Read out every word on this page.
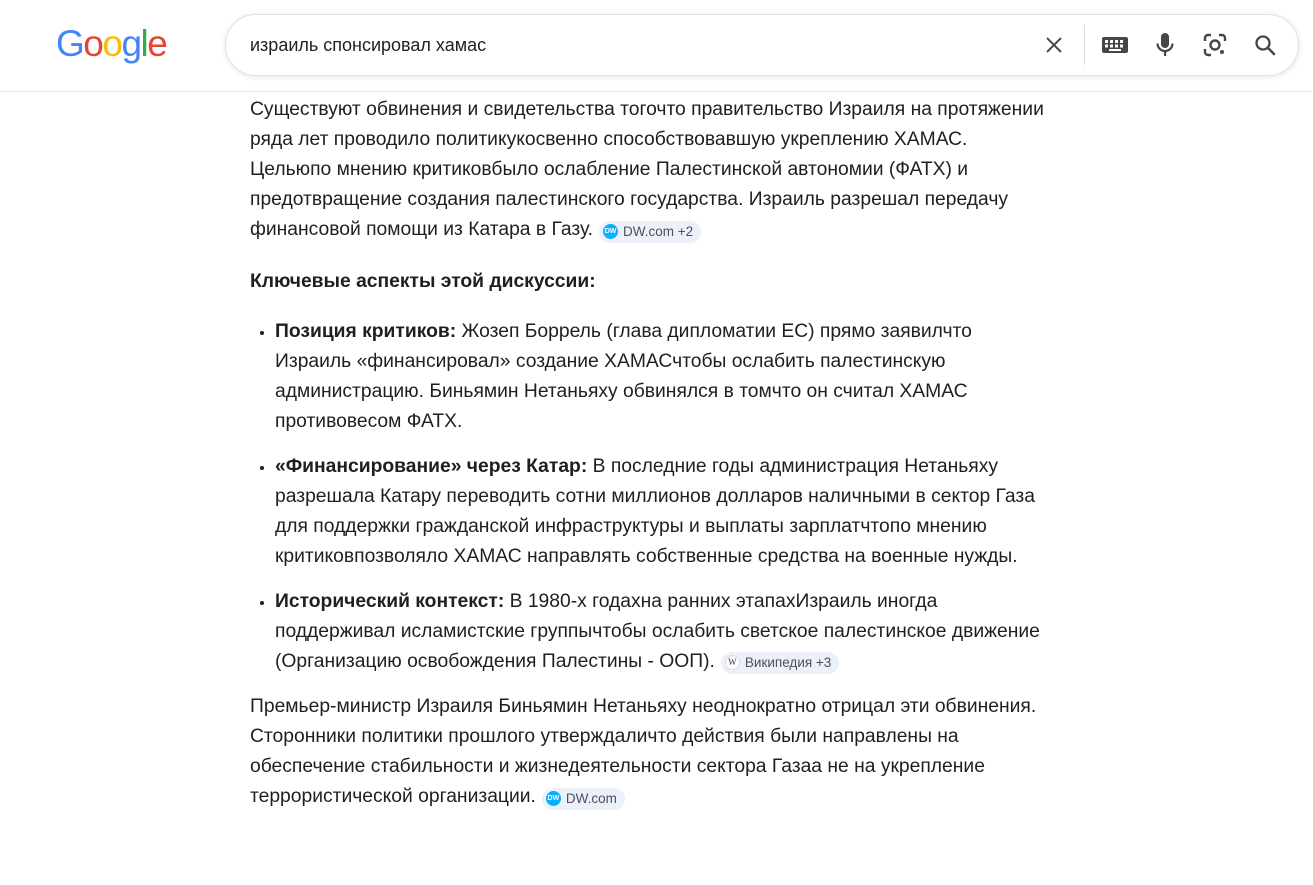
Google
израиль спонсировал хамас

Существуют обвинения и свидетельства тогочто правительство Израиля на протяжении ряда лет проводило политикукосвенно способствовавшую укреплению ХАМАС. Цельюпо мнению критиковбыло ослабление Палестинской автономии (ФАТХ) и предотвращение создания палестинского государства. Израиль разрешал передачу финансовой помощи из Катара в Газу. DW DW.com +2

Ключевые аспекты этой дискуссии:

• Позиция критиков: Жозеп Боррель (глава дипломатии ЕС) прямо заявилчто Израиль «финансировал» создание ХАМАСчтобы ослабить палестинскую администрацию. Биньямин Нетаньяху обвинялся в томчто он считал ХАМАС противовесом ФАТХ.
• «Финансирование» через Катар: В последние годы администрация Нетаньяху разрешала Катару переводить сотни миллионов долларов наличными в сектор Газа для поддержки гражданской инфраструктуры и выплаты зарплатчтопо мнению критиковпозволяло ХАМАС направлять собственные средства на военные нужды.
• Исторический контекст: В 1980-х годахна ранних этапахИзраиль иногда поддерживал исламистские группычтобы ослабить светское палестинское движение (Организацию освобождения Палестины - ООП). W Википедия +3

Премьер-министр Израиля Биньямин Нетаньяху неоднократно отрицал эти обвинения. Сторонники политики прошлого утверждаличто действия были направлены на обеспечение стабильности и жизнедеятельности сектора Газаа не на укрепление террористической организации. DW DW.com
